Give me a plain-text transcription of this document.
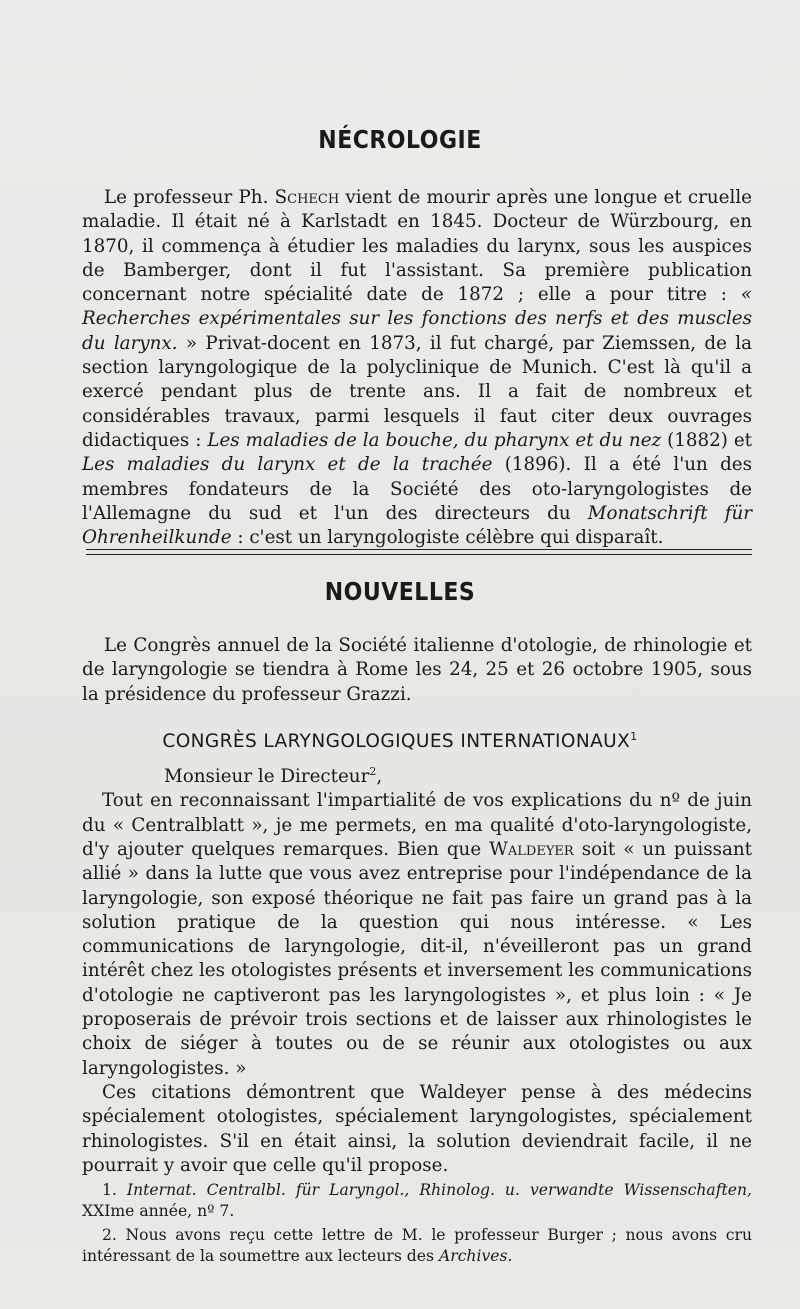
NÉCROLOGIE

Le professeur Ph. Schech vient de mourir après une longue et cruelle maladie. Il était né à Karlstadt en 1845. Docteur de Würzbourg, en 1870, il commença à étudier les maladies du larynx, sous les auspices de Bamberger, dont il fut l'assistant. Sa première publication concernant notre spécialité date de 1872 ; elle a pour titre : « Recherches expérimentales sur les fonctions des nerfs et des muscles du larynx. » Privat-docent en 1873, il fut chargé, par Ziemssen, de la section laryngologique de la polyclinique de Munich. C'est là qu'il a exercé pendant plus de trente ans. Il a fait de nombreux et considérables travaux, parmi lesquels il faut citer deux ouvrages didactiques : Les maladies de la bouche, du pharynx et du nez (1882) et Les maladies du larynx et de la trachée (1896). Il a été l'un des membres fondateurs de la Société des oto-laryngologistes de l'Allemagne du sud et l'un des directeurs du Monatschrift für Ohrenheilkunde : c'est un laryngologiste célèbre qui disparaît.

NOUVELLES

Le Congrès annuel de la Société italienne d'otologie, de rhinologie et de laryngologie se tiendra à Rome les 24, 25 et 26 octobre 1905, sous la présidence du professeur Grazzi.

CONGRÈS LARYNGOLOGIQUES INTERNATIONAUX$^1$

Monsieur le Directeur$^2$,

Tout en reconnaissant l'impartialité de vos explications du nº de juin du « Centralblatt », je me permets, en ma qualité d'oto-laryngologiste, d'y ajouter quelques remarques. Bien que Waldeyer soit « un puissant allié » dans la lutte que vous avez entreprise pour l'indépendance de la laryngologie, son exposé théorique ne fait pas faire un grand pas à la solution pratique de la question qui nous intéresse. « Les communications de laryngologie, dit-il, n'éveilleront pas un grand intérêt chez les otologistes présents et inversement les communications d'otologie ne captiveront pas les laryngologistes », et plus loin : « Je proposerais de prévoir trois sections et de laisser aux rhinologistes le choix de siéger à toutes ou de se réunir aux otologistes ou aux laryngologistes. »

Ces citations démontrent que Waldeyer pense à des médecins spécialement otologistes, spécialement laryngologistes, spécialement rhinologistes. S'il en était ainsi, la solution deviendrait facile, il ne pourrait y avoir que celle qu'il propose.

1. Internat. Centralbl. für Laryngol., Rhinolog. u. verwandte Wissenschaften, XXIme année, nº 7.

2. Nous avons reçu cette lettre de M. le professeur Burger ; nous avons cru intéressant de la soumettre aux lecteurs des Archives.
